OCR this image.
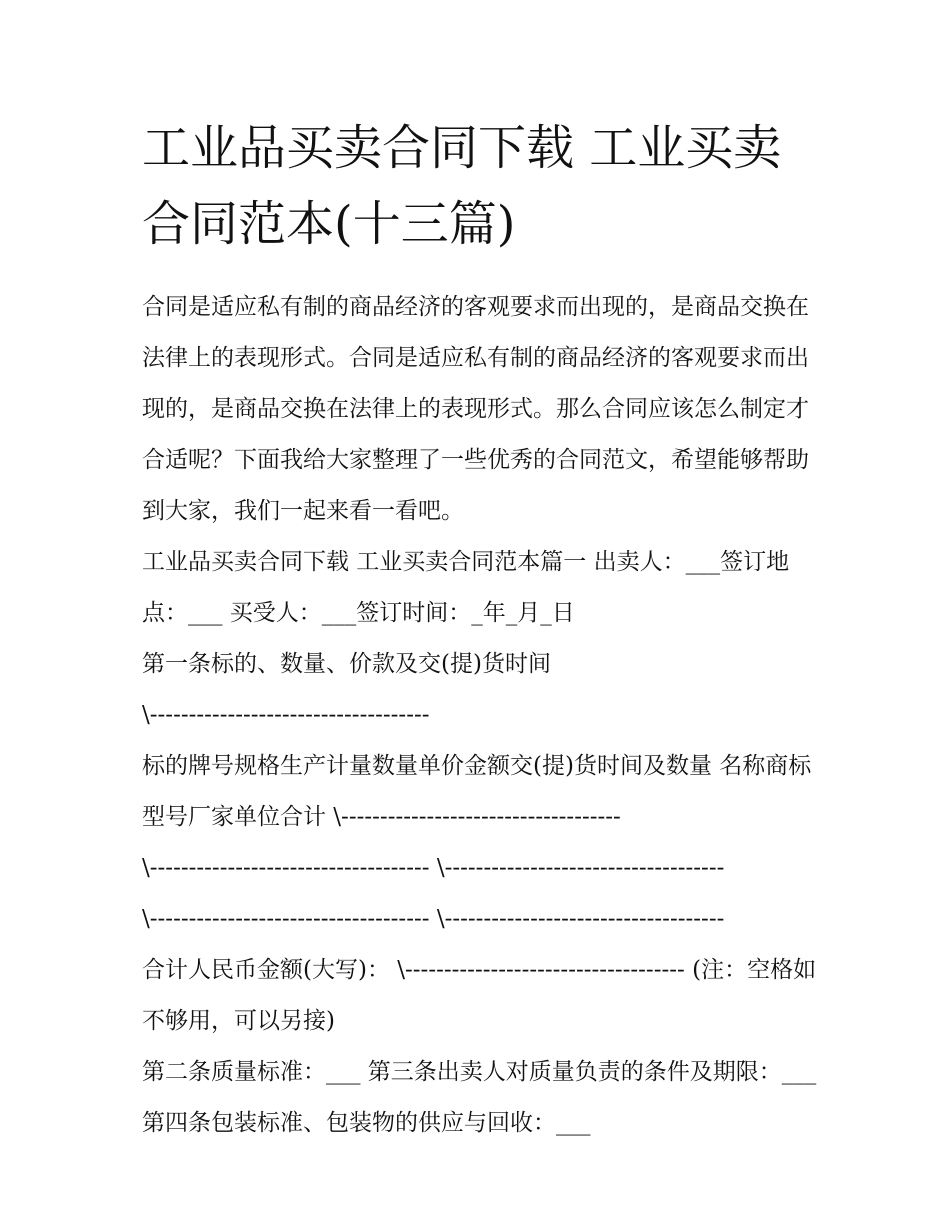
工业品买卖合同下载 工业买卖
合同范本(十三篇)

合同是适应私有制的商品经济的客观要求而出现的，是商品交换在法律上的表现形式。合同是适应私有制的商品经济的客观要求而出现的，是商品交换在法律上的表现形式。那么合同应该怎么制定才合适呢？下面我给大家整理了一些优秀的合同范文，希望能够帮助到大家，我们一起来看一看吧。

工业品买卖合同下载 工业买卖合同范本篇一 出卖人：___签订地点：___ 买受人：___签订时间：_年_月_日

第一条标的、数量、价款及交(提)货时间

\------------------------------------

标的牌号规格生产计量数量单价金额交(提)货时间及数量 名称商标型号厂家单位合计 \------------------------------------

\------------------------------------ \------------------------------------

\------------------------------------ \------------------------------------

合计人民币金额(大写)： \------------------------------------ (注：空格如不够用，可以另接)

第二条质量标准：___ 第三条出卖人对质量负责的条件及期限：___ 第四条包装标准、包装物的供应与回收：___
